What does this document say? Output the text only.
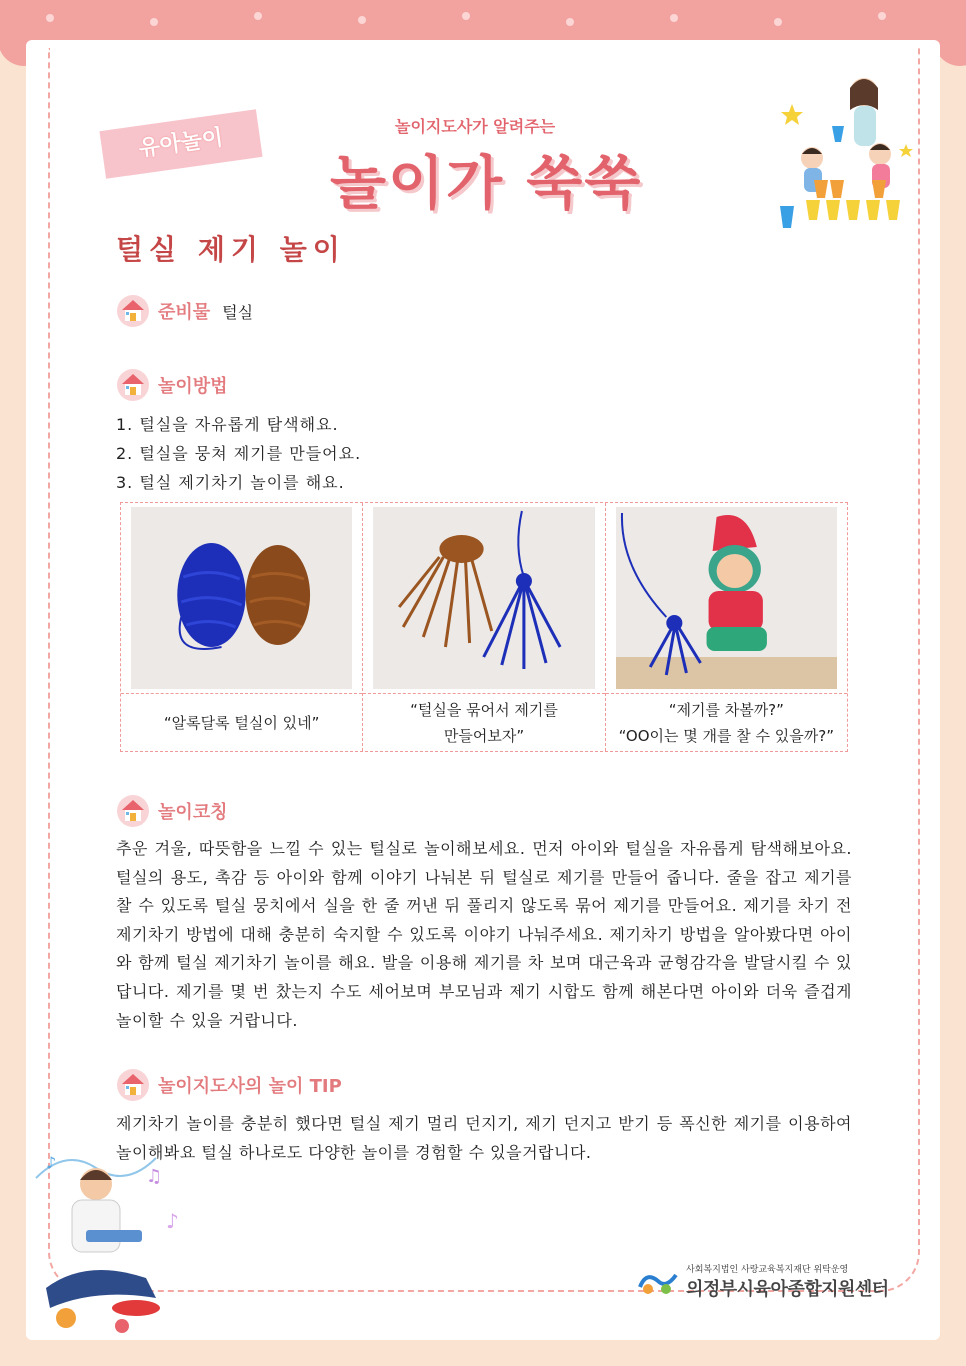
유아놀이	놀이지도사가 알려주는
놀이가 쑥쑥
털실 제기 놀이
준비물 털실
놀이방법
1. 털실을 자유롭게 탐색해요.
2. 털실을 뭉쳐 제기를 만들어요.
3. 털실 제기차기 놀이를 해요.
“알록달록 털실이 있네”
“털실을 묶어서 제기를
만들어보자”
“제기를 차볼까?”
“OO이는 몇 개를 찰 수 있을까?”
놀이코칭

추운 겨울, 따뜻함을 느낄 수 있는 털실로 놀이해보세요. 먼저 아이와 털실을 자유롭게 탐색해보아요. 털실의 용도, 촉감 등 아이와 함께 이야기 나눠본 뒤 털실로 제기를 만들어 줍니다. 줄을 잡고 제기를 찰 수 있도록 털실 뭉치에서 실을 한 줄 꺼낸 뒤 풀리지 않도록 묶어 제기를 만들어요. 제기를 차기 전 제기차기 방법에 대해 충분히 숙지할 수 있도록 이야기 나눠주세요. 제기차기 방법을 알아봤다면 아이와 함께 털실 제기차기 놀이를 해요. 발을 이용해 제기를 차 보며 대근육과 균형감각을 발달시킬 수 있답니다. 제기를 몇 번 찼는지 수도 세어보며 부모님과 제기 시합도 함께 해본다면 아이와 더욱 즐겁게 놀이할 수 있을 거랍니다.

놀이지도사의 놀이 TIP

제기차기 놀이를 충분히 했다면 털실 제기 멀리 던지기, 제기 던지고 받기 등 폭신한 제기를 이용하여 놀이해봐요 털실 하나로도 다양한 놀이를 경험할 수 있을거랍니다.

♪
♫
♪
사회복지법인 사랑교육복지재단 위탁운영
의정부시육아종합지원센터
